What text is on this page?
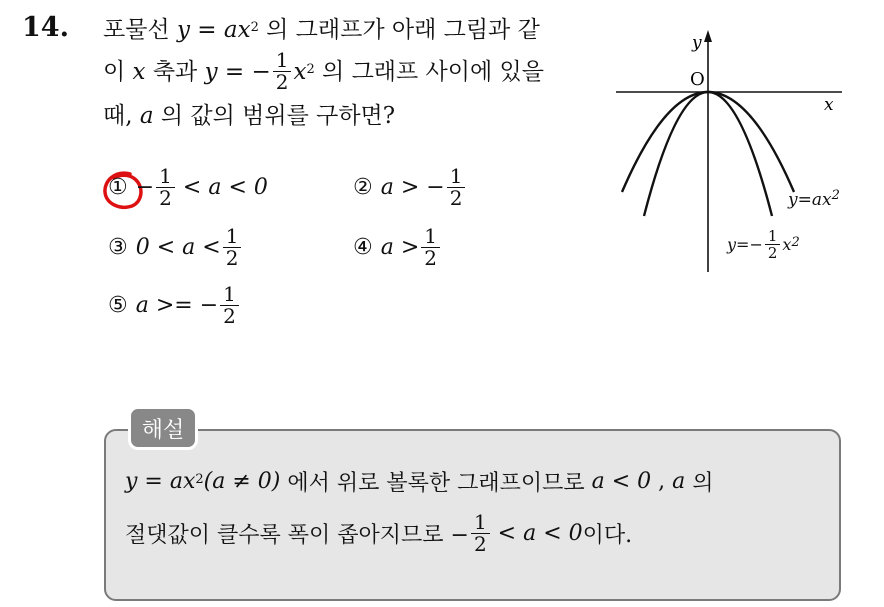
14. 포물선 $y = ax^2$ 의 그래프가 아래 그림과 같
이
x 축과 y = − $\frac{1}{2} x^2$ 의 그래프 사이에 있을
때, a 의 값의 범위를 구하면?
① − $\frac{1}{2} < a < 0$	② a > − $\frac{1}{2}$
③ $0 < a < \frac{1}{2}$	④ $a > \frac{1}{2}$
⑤ a >= − $\frac{1}{2}$
y
x
O
$y=ax^2$
$y=- \frac{1}{2} x^2$
해설
$y = ax^2$ (a ≠ 0) 에서 위로 볼록한 그래프이므로 a < 0 , a 의
절댓값이 클수록 폭이 좁아지므로 − $\frac{1}{2} < a < 0$ 이다.
